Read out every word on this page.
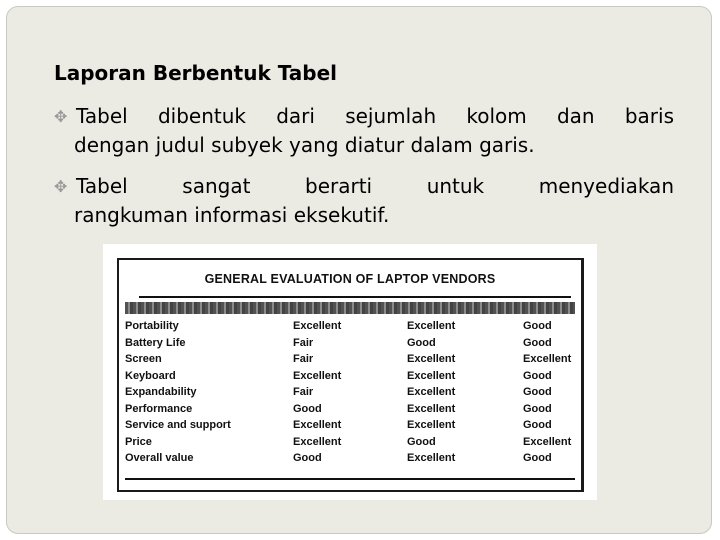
Laporan Berbentuk Tabel
✥ Tabel dibentuk dari sejumlah kolom dan baris
dengan judul subyek yang diatur dalam garis.
✥ Tabel sangat berarti untuk menyediakan
rangkuman informasi eksekutif.
GENERAL EVALUATION OF LAPTOP VENDORS
Portability	Excellent	Excellent	Good
Battery Life	Fair	Good	Good
Screen	Fair	Excellent	Excellent
Keyboard	Excellent	Excellent	Good
Expandability	Fair	Excellent	Good
Performance	Good	Excellent	Good
Service and support	Excellent	Excellent	Good
Price	Excellent	Good	Excellent
Overall value	Good	Excellent	Good
